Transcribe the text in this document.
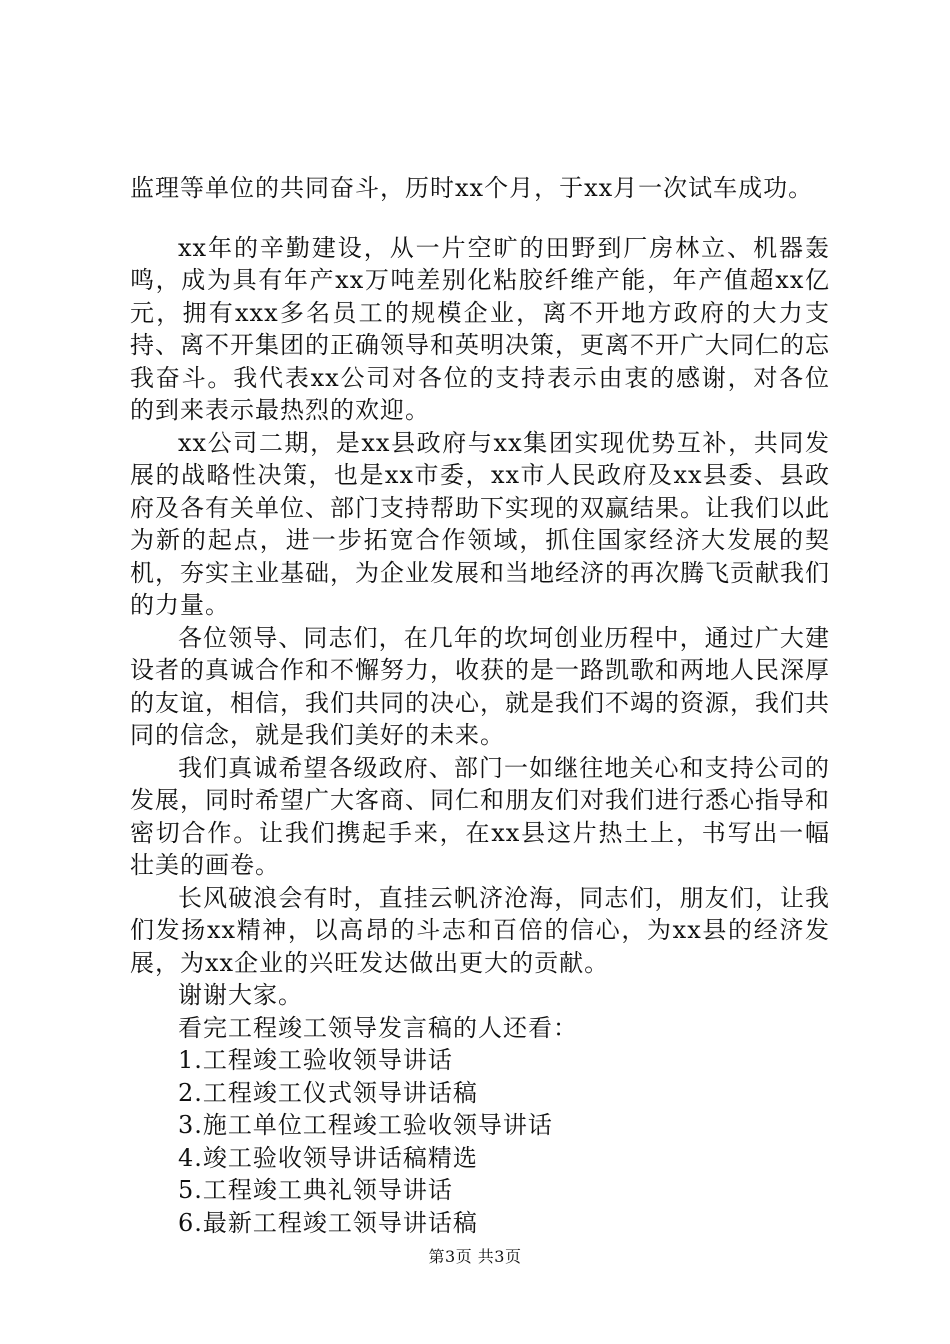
监理等单位的共同奋斗，历时xx个月，于xx月一次试车成功。

xx年的辛勤建设，从一片空旷的田野到厂房林立、机器轰鸣，成为具有年产xx万吨差别化粘胶纤维产能，年产值超xx亿元，拥有xxx多名员工的规模企业，离不开地方政府的大力支持、离不开集团的正确领导和英明决策，更离不开广大同仁的忘我奋斗。我代表xx公司对各位的支持表示由衷的感谢，对各位的到来表示最热烈的欢迎。

xx公司二期，是xx县政府与xx集团实现优势互补，共同发展的战略性决策，也是xx市委，xx市人民政府及xx县委、县政府及各有关单位、部门支持帮助下实现的双赢结果。让我们以此为新的起点，进一步拓宽合作领域，抓住国家经济大发展的契机，夯实主业基础，为企业发展和当地经济的再次腾飞贡献我们的力量。

各位领导、同志们，在几年的坎坷创业历程中，通过广大建设者的真诚合作和不懈努力，收获的是一路凯歌和两地人民深厚的友谊，相信，我们共同的决心，就是我们不竭的资源，我们共同的信念，就是我们美好的未来。

我们真诚希望各级政府、部门一如继往地关心和支持公司的发展，同时希望广大客商、同仁和朋友们对我们进行悉心指导和密切合作。让我们携起手来，在xx县这片热土上，书写出一幅壮美的画卷。

长风破浪会有时，直挂云帆济沧海，同志们，朋友们，让我们发扬xx精神，以高昂的斗志和百倍的信心，为xx县的经济发展，为xx企业的兴旺发达做出更大的贡献。

谢谢大家。

看完工程竣工领导发言稿的人还看：

1.工程竣工验收领导讲话
2.工程竣工仪式领导讲话稿
3.施工单位工程竣工验收领导讲话
4.竣工验收领导讲话稿精选
5.工程竣工典礼领导讲话
6.最新工程竣工领导讲话稿
第3页 共3页
